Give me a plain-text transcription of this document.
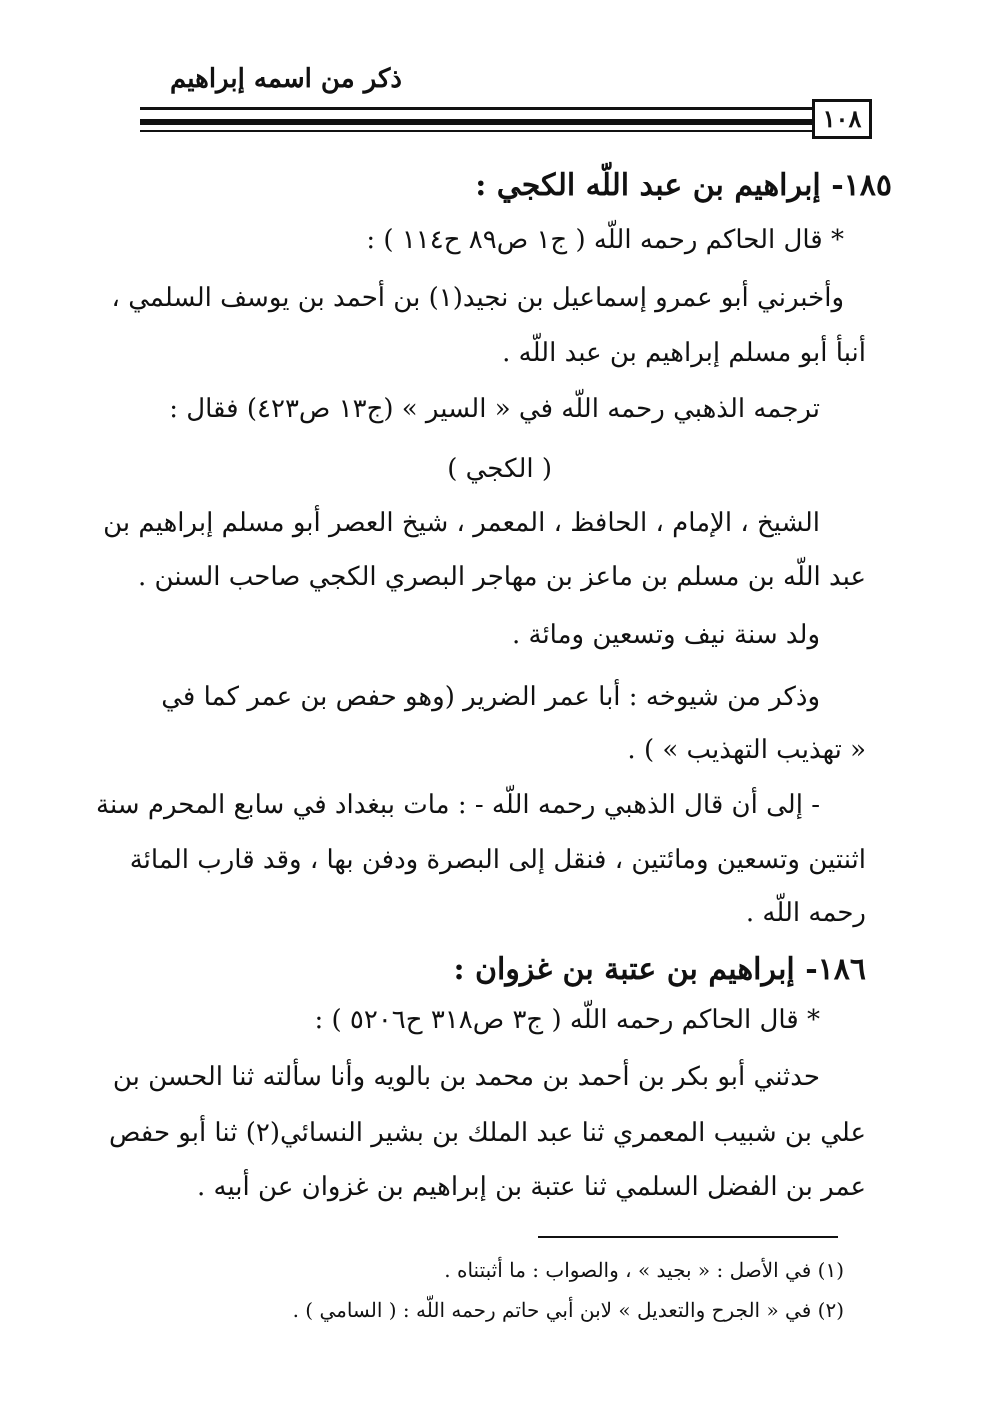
ذكر من اسمه إبراهيم
١٠٨
١٨٥- إبراهيم بن عبد اللّه الكجي :
* قال الحاكم رحمه اللّه ( ج١ ص٨٩ ح١١٤ ) :
وأخبرني أبو عمرو إسماعيل بن نجيد(١) بن أحمد بن يوسف السلمي ،
أنبأ أبو مسلم إبراهيم بن عبد اللّه .
ترجمه الذهبي رحمه اللّه في « السير » (ج١٣ ص٤٢٣) فقال :
( الكجي )
الشيخ ، الإمام ، الحافظ ، المعمر ، شيخ العصر أبو مسلم إبراهيم بن
عبد اللّه بن مسلم بن ماعز بن مهاجر البصري الكجي صاحب السنن .
ولد سنة نيف وتسعين ومائة .
وذكر من شيوخه : أبا عمر الضرير (وهو حفص بن عمر كما في
« تهذيب التهذيب » ) .
- إلى أن قال الذهبي رحمه اللّه - : مات ببغداد في سابع المحرم سنة
اثنتين وتسعين ومائتين ، فنقل إلى البصرة ودفن بها ، وقد قارب المائة
رحمه اللّه .
١٨٦- إبراهيم بن عتبة بن غزوان :
* قال الحاكم رحمه اللّه ( ج٣ ص٣١٨ ح٥٢٠٦ ) :
حدثني أبو بكر بن أحمد بن محمد بن بالويه وأنا سألته ثنا الحسن بن
علي بن شبيب المعمري ثنا عبد الملك بن بشير النسائي(٢) ثنا أبو حفص
عمر بن الفضل السلمي ثنا عتبة بن إبراهيم بن غزوان عن أبيه .
(١) في الأصل : « بجيد » ، والصواب : ما أثبتناه .
(٢) في « الجرح والتعديل » لابن أبي حاتم رحمه اللّه : ( السامي ) .
